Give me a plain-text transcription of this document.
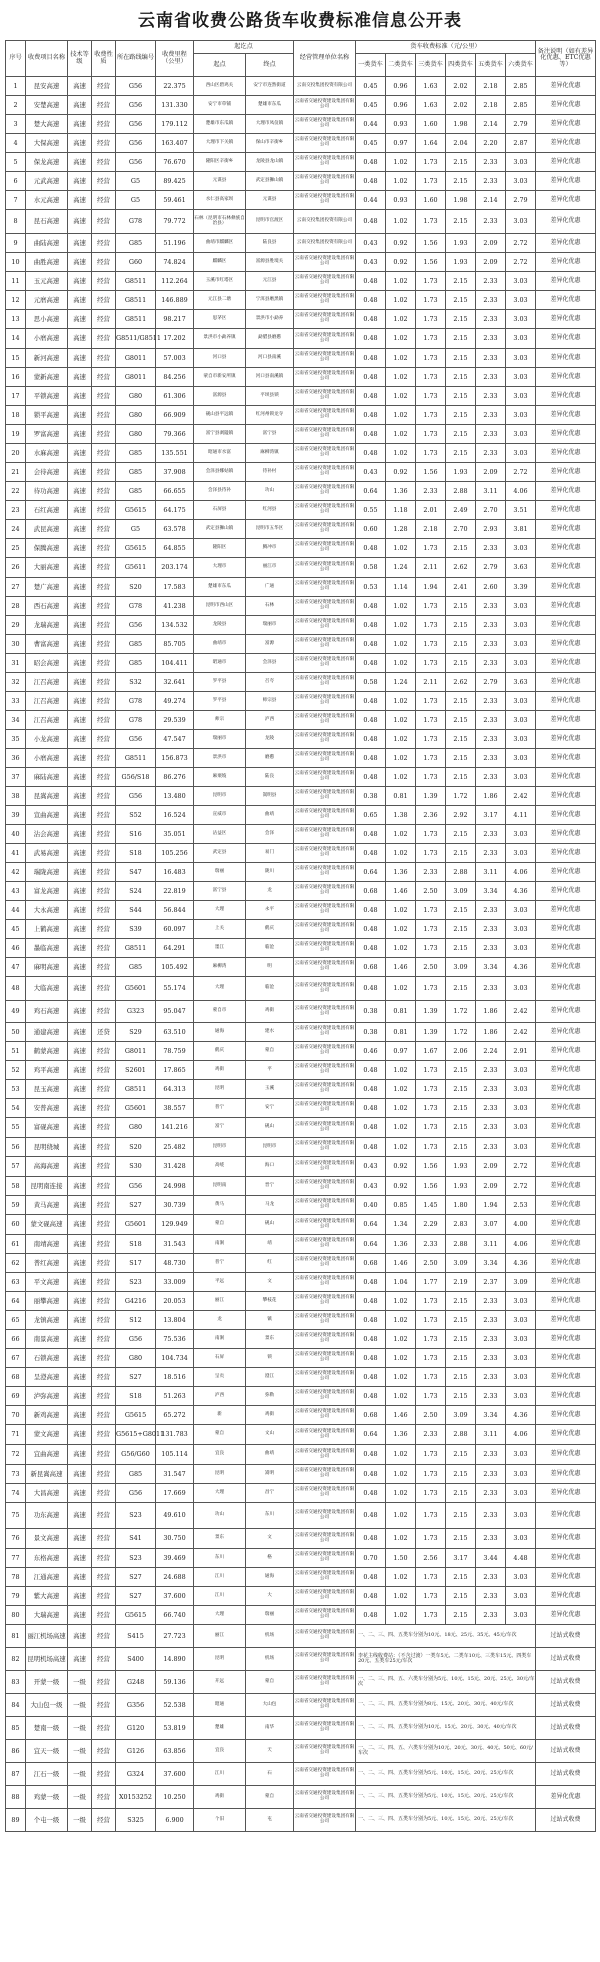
云南省收费公路货车收费标准信息公开表
序号	收费项目名称	技术等级	收费性质	所在路线编号	收费里程（公里）	起讫点		经营管理单位名称	货车收费标准（元/公里）						备注说明（如有差异化优惠、ETC优惠等）
						起点	终点		一类货车	二类货车	三类货车	四类货车	五类货车	六类货车	
1	昆安高速	高速	经营	G56	22.375	西山区碧鸡关	安宁市连然街道	云南交投集团投资有限公司	0.45	0.96	1.63	2.02	2.18	2.85	差异化优惠
2	安楚高速	高速	经营	G56	131.330	安宁市草铺	楚雄市东瓜	云南省交通投资建设集团有限公司	0.45	0.96	1.63	2.02	2.18	2.85	差异化优惠
3	楚大高速	高速	经营	G56	179.112	楚雄市东瓜镇	大理市凤仪镇	云南省交通投资建设集团有限公司	0.44	0.93	1.60	1.98	2.14	2.79	差异化优惠
4	大保高速	高速	经营	G56	163.407	大理市下关镇	保山市辛街乡	云南省交通投资建设集团有限公司	0.45	0.97	1.64	2.04	2.20	2.87	差异化优惠
5	保龙高速	高速	经营	G56	76.670	隆阳区辛街乡	龙陵县龙山镇	云南省交通投资建设集团有限公司	0.48	1.02	1.73	2.15	2.33	3.03	差异化优惠
6	元武高速	高速	经营	G5	89.425	元谋县	武定县狮山镇	云南省交通投资建设集团有限公司	0.48	1.02	1.73	2.15	2.33	3.03	差异化优惠
7	水元高速	高速	经营	G5	59.461	水仁县高家坝	元谋县	云南省交通投资建设集团有限公司	0.44	0.93	1.60	1.98	2.14	2.79	差异化优惠
8	昆石高速	高速	经营	G78	79.772	石林（昆明市石林彝族自治县）	昆明市官渡区	云南交投集团投资有限公司	0.48	1.02	1.73	2.15	2.33	3.03	差异化优惠
9	曲陆高速	高速	经营	G85	51.196	曲靖市麒麟区	陆良县	云南交投集团投资有限公司	0.43	0.92	1.56	1.93	2.09	2.72	差异化优惠
10	曲胜高速	高速	经营	G60	74.824	麒麟区	富源县胜境关	云南省交通投资建设集团有限公司	0.43	0.92	1.56	1.93	2.09	2.72	差异化优惠
11	玉元高速	高速	经营	G8511	112.264	玉溪市红塔区	元江县	云南省交通投资建设集团有限公司	0.48	1.02	1.73	2.15	2.33	3.03	差异化优惠
12	元磨高速	高速	经营	G8511	146.889	元江县二塘	宁洱县磨黑镇	云南省交通投资建设集团有限公司	0.48	1.02	1.73	2.15	2.33	3.03	差异化优惠
13	思小高速	高速	经营	G8511	98.217	思茅区	景洪市小勐养	云南省交通投资建设集团有限公司	0.48	1.02	1.73	2.15	2.33	3.03	差异化优惠
14	小磨高速	高速	经营	G8511/G8511	17.202	景洪市小勐养镇	勐腊县磨憨	云南省交通投资建设集团有限公司	0.48	1.02	1.73	2.15	2.33	3.03	差异化优惠
15	新河高速	高速	经营	G8011	57.003	河口县	河口县南溪	云南省交通投资建设集团有限公司	0.48	1.02	1.73	2.15	2.33	3.03	差异化优惠
16	蒙新高速	高速	经营	G8011	84.256	蒙自市新安所镇	河口县南溪镇	云南省交通投资建设集团有限公司	0.48	1.02	1.73	2.15	2.33	3.03	差异化优惠
17	平锁高速	高速	经营	G80	61.306	富源县	平坝县锁	云南省交通投资建设集团有限公司	0.48	1.02	1.73	2.15	2.33	3.03	差异化优惠
18	锁平高速	高速	经营	G80	66.909	砚山县平远镇	红河州锁龙寺	云南省交通投资建设集团有限公司	0.48	1.02	1.73	2.15	2.33	3.03	差异化优惠
19	罗富高速	高速	经营	G80	79.366	富宁县剥隘镇	富宁县	云南省交通投资建设集团有限公司	0.48	1.02	1.73	2.15	2.33	3.03	差异化优惠
20	水麻高速	高速	经营	G85	135.551	昭通市水富	麻柳湾镇	云南省交通投资建设集团有限公司	0.48	1.02	1.73	2.15	2.33	3.03	差异化优惠
21	会待高速	高速	经营	G85	37.908	会泽县娜姑镇	待补村	云南省交通投资建设集团有限公司	0.43	0.92	1.56	1.93	2.09	2.72	差异化优惠
22	待功高速	高速	经营	G85	66.655	会泽县待补	功山	云南省交通投资建设集团有限公司	0.64	1.36	2.33	2.88	3.11	4.06	差异化优惠
23	石红高速	高速	经营	G5615	64.175	石屏县	红河县	云南省交通投资建设集团有限公司	0.55	1.18	2.01	2.49	2.70	3.51	差异化优惠
24	武昆高速	高速	经营	G5	63.578	武定县狮山镇	昆明市五华区	云南省交通投资建设集团有限公司	0.60	1.28	2.18	2.70	2.93	3.81	差异化优惠
25	保腾高速	高速	经营	G5615	64.855	隆阳区	腾冲市	云南省交通投资建设集团有限公司	0.48	1.02	1.73	2.15	2.33	3.03	差异化优惠
26	大丽高速	高速	经营	G5611	203.174	大理市	丽江市	云南省交通投资建设集团有限公司	0.58	1.24	2.11	2.62	2.79	3.63	差异化优惠
27	楚广高速	高速	经营	S20	17.583	楚雄市东瓜	广通	云南省交通投资建设集团有限公司	0.53	1.14	1.94	2.41	2.60	3.39	差异化优惠
28	西石高速	高速	经营	G78	41.238	昆明市西山区	石林	云南省交通投资建设集团有限公司	0.48	1.02	1.73	2.15	2.33	3.03	差异化优惠
29	龙瑞高速	高速	经营	G56	134.532	龙陵县	瑞丽市	云南省交通投资建设集团有限公司	0.48	1.02	1.73	2.15	2.33	3.03	差异化优惠
30	曹富高速	高速	经营	G85	85.705	曲靖市	富源	云南省交通投资建设集团有限公司	0.48	1.02	1.73	2.15	2.33	3.03	差异化优惠
31	昭会高速	高速	经营	G85	104.411	昭通市	会泽县	云南省交通投资建设集团有限公司	0.48	1.02	1.73	2.15	2.33	3.03	差异化优惠
32	江召高速	高速	经营	S32	32.641	罗平县	召夸	云南省交通投资建设集团有限公司	0.58	1.24	2.11	2.62	2.79	3.63	差异化优惠
33	江召高速	高速	经营	G78	49.274	罗平县	师宗县	云南省交通投资建设集团有限公司	0.48	1.02	1.73	2.15	2.33	3.03	差异化优惠
34	江召高速	高速	经营	G78	29.539	师宗	泸西	云南省交通投资建设集团有限公司	0.48	1.02	1.73	2.15	2.33	3.03	差异化优惠
35	小龙高速	高速	经营	G56	47.547	瑞丽市	龙陵	云南省交通投资建设集团有限公司	0.48	1.02	1.73	2.15	2.33	3.03	差异化优惠
36	小磨高速	高速	经营	G8511	156.873	景洪市	磨憨	云南省交通投资建设集团有限公司	0.48	1.02	1.73	2.15	2.33	3.03	差异化优惠
37	麻陆高速	高速	经营	G56/S18	86.276	麻栗坡	陆良	云南省交通投资建设集团有限公司	0.48	1.02	1.73	2.15	2.33	3.03	差异化优惠
38	昆嵩高速	高速	经营	G56	13.480	昆明市	嵩明县	云南省交通投资建设集团有限公司	0.38	0.81	1.39	1.72	1.86	2.42	差异化优惠
39	宣曲高速	高速	经营	S52	16.524	宣威市	曲靖	云南省交通投资建设集团有限公司	0.65	1.38	2.36	2.92	3.17	4.11	差异化优惠
40	沾会高速	高速	经营	S16	35.051	沾益区	会泽	云南省交通投资建设集团有限公司	0.48	1.02	1.73	2.15	2.33	3.03	差异化优惠
41	武易高速	高速	经营	S18	105.256	武定县	易门	云南省交通投资建设集团有限公司	0.48	1.02	1.73	2.15	2.33	3.03	差异化优惠
42	瑞陇高速	高速	经营	S47	16.483	瑞丽	陇川	云南省交通投资建设集团有限公司	0.64	1.36	2.33	2.88	3.11	4.06	差异化优惠
43	富龙高速	高速	经营	S24	22.819	富宁县	龙	云南省交通投资建设集团有限公司	0.68	1.46	2.50	3.09	3.34	4.36	差异化优惠
44	大永高速	高速	经营	S44	56.844	大理	永平	云南省交通投资建设集团有限公司	0.48	1.02	1.73	2.15	2.33	3.03	差异化优惠
45	上鹤高速	高速	经营	S39	60.097	上关	鹤庆	云南省交通投资建设集团有限公司	0.48	1.02	1.73	2.15	2.33	3.03	差异化优惠
46	墨临高速	高速	经营	G8511	64.291	墨江	临沧	云南省交通投资建设集团有限公司	0.48	1.02	1.73	2.15	2.33	3.03	差异化优惠
47	麻明高速	高速	经营	G85	105.492	麻柳湾	明	云南省交通投资建设集团有限公司	0.68	1.46	2.50	3.09	3.34	4.36	差异化优惠
48	大临高速	高速	经营	G5601	55.174	大理	临沧	云南省交通投资建设集团有限公司	0.48	1.02	1.73	2.15	2.33	3.03	差异化优惠
49	鸡石高速	高速	经营	G323	95.047	蒙自市	鸡街	云南省交通投资建设集团有限公司	0.38	0.81	1.39	1.72	1.86	2.42	差异化优惠
50	通建高速	高速	还贷	S29	63.510	通海	建水	云南省交通投资建设集团有限公司	0.38	0.81	1.39	1.72	1.86	2.42	差异化优惠
51	鹤蒙高速	高速	经营	G8011	78.759	鹤庆	蒙自	云南省交通投资建设集团有限公司	0.46	0.97	1.67	2.06	2.24	2.91	差异化优惠
52	鸡平高速	高速	经营	S2601	17.865	鸡街	平	云南省交通投资建设集团有限公司	0.48	1.02	1.73	2.15	2.33	3.03	差异化优惠
53	昆玉高速	高速	经营	G8511	64.313	昆明	玉溪	云南省交通投资建设集团有限公司	0.48	1.02	1.73	2.15	2.33	3.03	差异化优惠
54	安普高速	高速	经营	G5601	38.557	普宁	安宁	云南省交通投资建设集团有限公司	0.48	1.02	1.73	2.15	2.33	3.03	差异化优惠
55	富砚高速	高速	经营	G80	141.216	富宁	砚山	云南省交通投资建设集团有限公司	0.48	1.02	1.73	2.15	2.33	3.03	差异化优惠
56	昆明绕城	高速	经营	S20	25.482	昆明市	昆明市	云南省交通投资建设集团有限公司	0.48	1.02	1.73	2.15	2.33	3.03	差异化优惠
57	高海高速	高速	经营	S30	31.428	高峣	海口	云南省交通投资建设集团有限公司	0.43	0.92	1.56	1.93	2.09	2.72	差异化优惠
58	昆明南连接	高速	经营	G56	24.998	昆明南	晋宁	云南省交通投资建设集团有限公司	0.43	0.92	1.56	1.93	2.09	2.72	差异化优惠
59	黄马高速	高速	经营	S27	30.739	黄马	马龙	云南省交通投资建设集团有限公司	0.40	0.85	1.45	1.80	1.94	2.53	差异化优惠
60	蒙文砚高速	高速	经营	G5601	129.949	蒙自	砚山	云南省交通投资建设集团有限公司	0.64	1.34	2.29	2.83	3.07	4.00	差异化优惠
61	南靖高速	高速	经营	S18	31.543	南涧	靖	云南省交通投资建设集团有限公司	0.64	1.36	2.33	2.88	3.11	4.06	差异化优惠
62	普红高速	高速	经营	S17	48.730	普宁	红	云南省交通投资建设集团有限公司	0.68	1.46	2.50	3.09	3.34	4.36	差异化优惠
63	平文高速	高速	经营	S23	33.009	平远	文	云南省交通投资建设集团有限公司	0.48	1.04	1.77	2.19	2.37	3.09	差异化优惠
64	丽攀高速	高速	经营	G4216	20.053	丽江	攀枝花	云南省交通投资建设集团有限公司	0.48	1.02	1.73	2.15	2.33	3.03	差异化优惠
65	龙镇高速	高速	经营	S12	13.804	龙	镇	云南省交通投资建设集团有限公司	0.48	1.02	1.73	2.15	2.33	3.03	差异化优惠
66	南景高速	高速	经营	G56	75.536	南涧	景东	云南省交通投资建设集团有限公司	0.48	1.02	1.73	2.15	2.33	3.03	差异化优惠
67	石锁高速	高速	经营	G80	104.734	石屏	锁	云南省交通投资建设集团有限公司	0.48	1.02	1.73	2.15	2.33	3.03	差异化优惠
68	呈澄高速	高速	经营	S27	18.516	呈贡	澄江	云南省交通投资建设集团有限公司	0.48	1.02	1.73	2.15	2.33	3.03	差异化优惠
69	泸弥高速	高速	经营	S18	51.263	泸西	弥勒	云南省交通投资建设集团有限公司	0.48	1.02	1.73	2.15	2.33	3.03	差异化优惠
70	新鸡高速	高速	经营	G5615	65.272	新	鸡街	云南省交通投资建设集团有限公司	0.68	1.46	2.50	3.09	3.34	4.36	差异化优惠
71	蒙文高速	高速	经营	G5615+G8011	131.783	蒙自	文山	云南省交通投资建设集团有限公司	0.64	1.36	2.33	2.88	3.11	4.06	差异化优惠
72	宜曲高速	高速	经营	G56/G60	105.114	宜良	曲靖	云南省交通投资建设集团有限公司	0.48	1.02	1.73	2.15	2.33	3.03	差异化优惠
73	新昆嵩高速	高速	经营	G85	31.547	昆明	嵩明	云南省交通投资建设集团有限公司	0.48	1.02	1.73	2.15	2.33	3.03	差异化优惠
74	大昌高速	高速	经营	G56	17.669	大理	昌宁	云南省交通投资建设集团有限公司	0.48	1.02	1.73	2.15	2.33	3.03	差异化优惠
75	功东高速	高速	经营	S23	49.610	功山	东川	云南省交通投资建设集团有限公司	0.48	1.02	1.73	2.15	2.33	3.03	差异化优惠
76	景文高速	高速	经营	S41	30.750	景东	文	云南省交通投资建设集团有限公司	0.48	1.02	1.73	2.15	2.33	3.03	差异化优惠
77	东格高速	高速	经营	S23	39.469	东川	格	云南省交通投资建设集团有限公司	0.70	1.50	2.56	3.17	3.44	4.48	差异化优惠
78	江通高速	高速	经营	S27	24.688	江川	通海	云南省交通投资建设集团有限公司	0.48	1.02	1.73	2.15	2.33	3.03	差异化优惠
79	紫大高速	高速	经营	S27	37.600	江川	大	云南省交通投资建设集团有限公司	0.48	1.02	1.73	2.15	2.33	3.03	差异化优惠
80	大瑞高速	高速	经营	G5615	66.740	大理	瑞丽	云南省交通投资建设集团有限公司	0.48	1.02	1.73	2.15	2.33	3.03	差异化优惠
81	丽江机场高速	高速	经营	S415	27.723	丽江	机场	云南省交通投资建设集团有限公司	一、二、三、四、五类车分别为10元、18元、25元、35元、45元/车次						过站式收费
82	昆明机场高速	高速	经营	S400	14.890	昆明	机场	云南省交通投资建设集团有限公司	李花主线收费站：（不含过渡）一类车5元、二类车10元、三类车15元、四类车20元、五类车25元/车次						过站式收费
83	开蒙一级	一级	经营	G248	59.136	开远	蒙自	云南省交通投资建设集团有限公司	一、二、三、四、五、六类车分别为5元、10元、15元、20元、25元、30元/车次						过站式收费
84	大山包一级	一级	经营	G356	52.538	昭通	大山包	云南省交通投资建设集团有限公司	一、二、三、四、五类车分别为8元、15元、20元、30元、40元/车次						过站式收费
85	楚南一级	一级	经营	G120	53.819	楚雄	南华	云南省交通投资建设集团有限公司	一、二、三、四、五类车分别为10元、15元、20元、30元、40元/车次						过站式收费
86	宜天一级	一级	经营	G126	63.856	宜良	天	云南省交通投资建设集团有限公司	一、二、三、四、五、六类车分别为10元、20元、30元、40元、50元、60元/车次						过站式收费
87	江石一级	一级	经营	G324	37.600	江川	石	云南省交通投资建设集团有限公司	一、二、三、四、五类车分别为5元、10元、15元、20元、25元/车次						过站式收费
88	鸡蒙一级	一级	经营	X0153252	10.250	鸡街	蒙自	云南省交通投资建设集团有限公司	一、二、三、四、五类车分别为5元、10元、15元、20元、25元/车次						差异化优惠
89	个屯一级	一级	经营	S325	6.900	个旧	屯	云南省交通投资建设集团有限公司	一、二、三、四、五类车分别为5元、10元、15元、20元、25元/车次						过站式收费
